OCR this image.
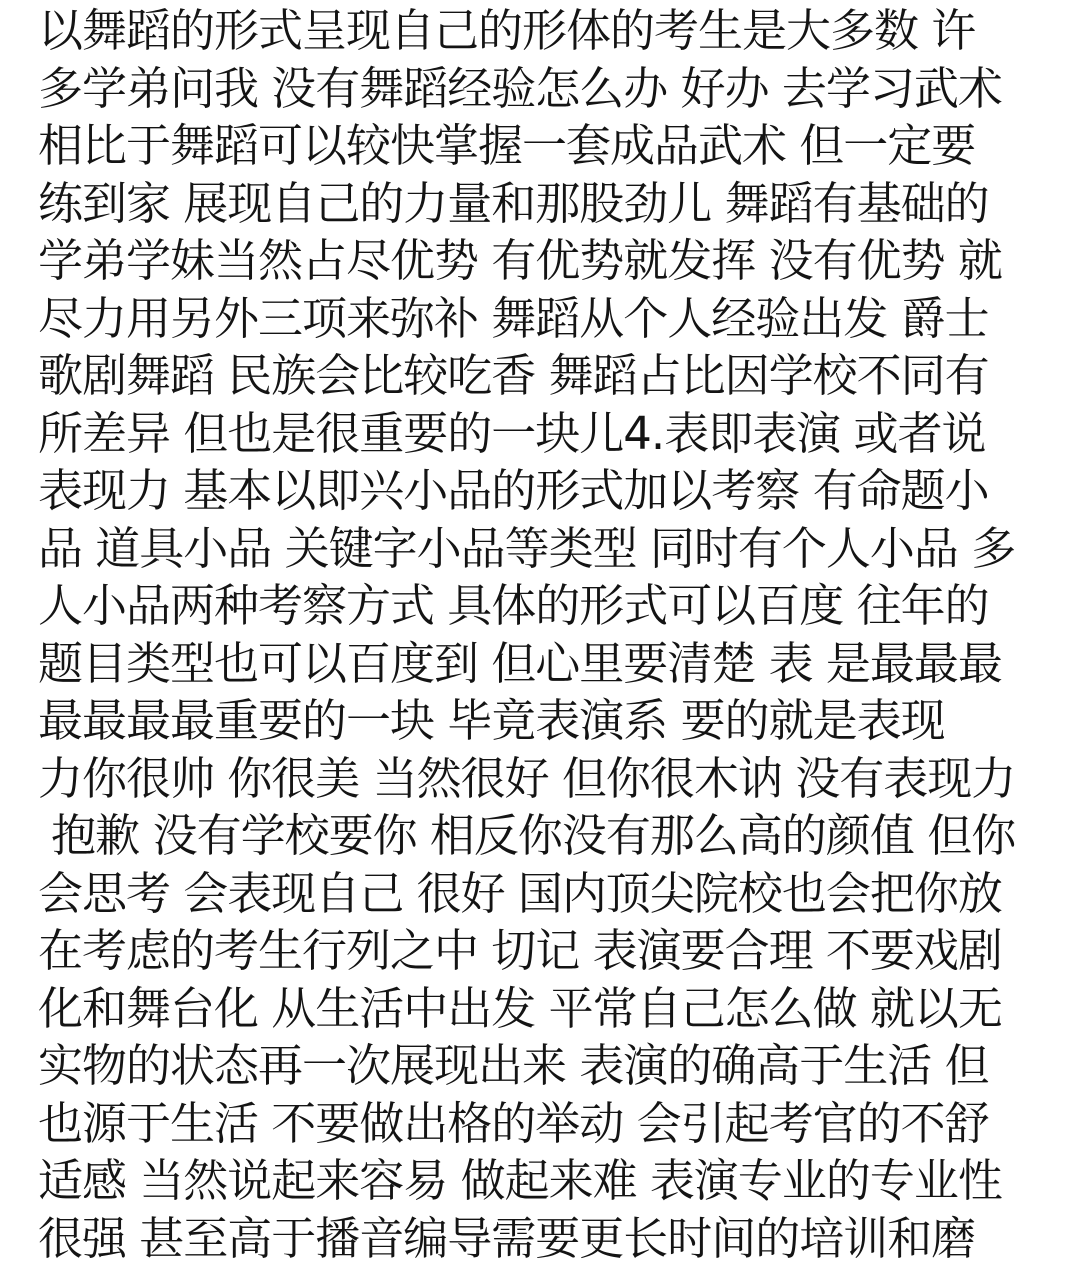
以舞蹈的形式呈现自己的形体的考生是大多数 许
多学弟问我 没有舞蹈经验怎么办 好办 去学习武术
相比于舞蹈可以较快掌握一套成品武术 但一定要
练到家 展现自己的力量和那股劲儿 舞蹈有基础的
学弟学妹当然占尽优势 有优势就发挥 没有优势 就
尽力用另外三项来弥补 舞蹈从个人经验出发 爵士
歌剧舞蹈 民族会比较吃香 舞蹈占比因学校不同有
所差异 但也是很重要的一块儿4.表即表演 或者说
表现力 基本以即兴小品的形式加以考察 有命题小
品 道具小品 关键字小品等类型 同时有个人小品 多
人小品两种考察方式 具体的形式可以百度 往年的
题目类型也可以百度到 但心里要清楚 表 是最最最
最最最最重要的一块 毕竟表演系 要的就是表现
力你很帅 你很美 当然很好 但你很木讷 没有表现力
抱歉 没有学校要你 相反你没有那么高的颜值 但你
会思考 会表现自己 很好 国内顶尖院校也会把你放
在考虑的考生行列之中 切记 表演要合理 不要戏剧
化和舞台化 从生活中出发 平常自己怎么做 就以无
实物的状态再一次展现出来 表演的确高于生活 但
也源于生活 不要做出格的举动 会引起考官的不舒
适感 当然说起来容易 做起来难 表演专业的专业性
很强 甚至高于播音编导需要更长时间的培训和磨
